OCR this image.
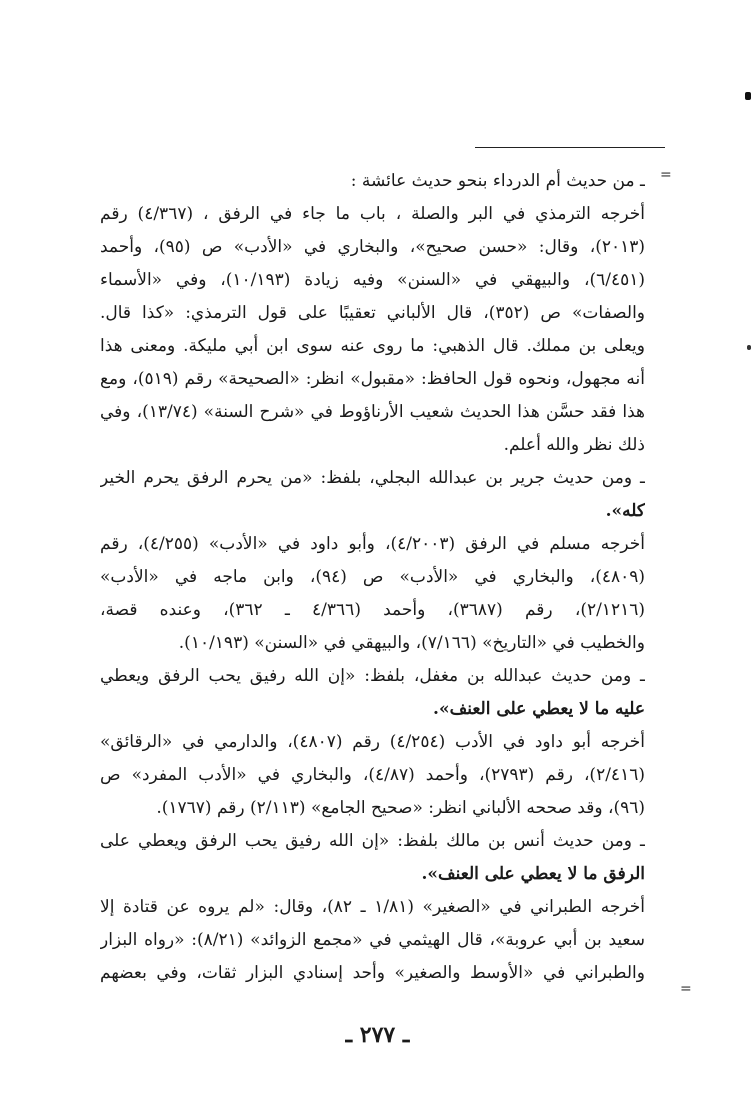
=
=
ـ من حديث أم الدرداء بنحو حديث عائشة :
أخرجه الترمذي في البر والصلة ، باب ما جاء في الرفق ، (٤/٣٦٧) رقم
(٢٠١٣)، وقال: «حسن صحيح»، والبخاري في «الأدب» ص (٩٥)، وأحمد
(٦/٤٥١)، والبيهقي في «السنن» وفيه زيادة (١٠/١٩٣)، وفي «الأسماء
والصفات» ص (٣٥٢)، قال الألباني تعقيبًا على قول الترمذي: «كذا قال.
ويعلى بن مملك. قال الذهبي: ما روى عنه سوى ابن أبي مليكة. ومعنى هذا
أنه مجهول، ونحوه قول الحافظ: «مقبول» انظر: «الصحيحة» رقم (٥١٩)، ومع
هذا فقد حسَّن هذا الحديث شعيب الأرناؤوط في «شرح السنة» (١٣/٧٤)، وفي
ذلك نظر والله أعلم.
ـ ومن حديث جرير بن عبدالله البجلي، بلفظ: «من يحرم الرفق يحرم الخير
كله».
أخرجه مسلم في الرفق (٤/٢٠٠٣)، وأبو داود في «الأدب» (٤/٢٥٥)، رقم
(٤٨٠٩)، والبخاري في «الأدب» ص (٩٤)، وابن ماجه في «الأدب»
(٢/١٢١٦)، رقم (٣٦٨٧)، وأحمد (٤/٣٦٦ ـ ٣٦٢)، وعنده قصة،
والخطيب في «التاريخ» (٧/١٦٦)، والبيهقي في «السنن» (١٠/١٩٣).
ـ ومن حديث عبدالله بن مغفل، بلفظ: «إن الله رفيق يحب الرفق ويعطي
عليه ما لا يعطي على العنف».
أخرجه أبو داود في الأدب (٤/٢٥٤) رقم (٤٨٠٧)، والدارمي في «الرقائق»
(٢/٤١٦)، رقم (٢٧٩٣)، وأحمد (٤/٨٧)، والبخاري في «الأدب المفرد» ص
(٩٦)، وقد صححه الألباني انظر: «صحيح الجامع» (٢/١١٣) رقم (١٧٦٧).
ـ ومن حديث أنس بن مالك بلفظ: «إن الله رفيق يحب الرفق ويعطي على
الرفق ما لا يعطي على العنف».
أخرجه الطبراني في «الصغير» (١/٨١ ـ ٨٢)، وقال: «لم يروه عن قتادة إلا
سعيد بن أبي عروبة»، قال الهيثمي في «مجمع الزوائد» (٨/٢١): «رواه البزار
والطبراني في «الأوسط والصغير» وأحد إسنادي البزار ثقات، وفي بعضهم
ـ ٢٧٧ ـ
